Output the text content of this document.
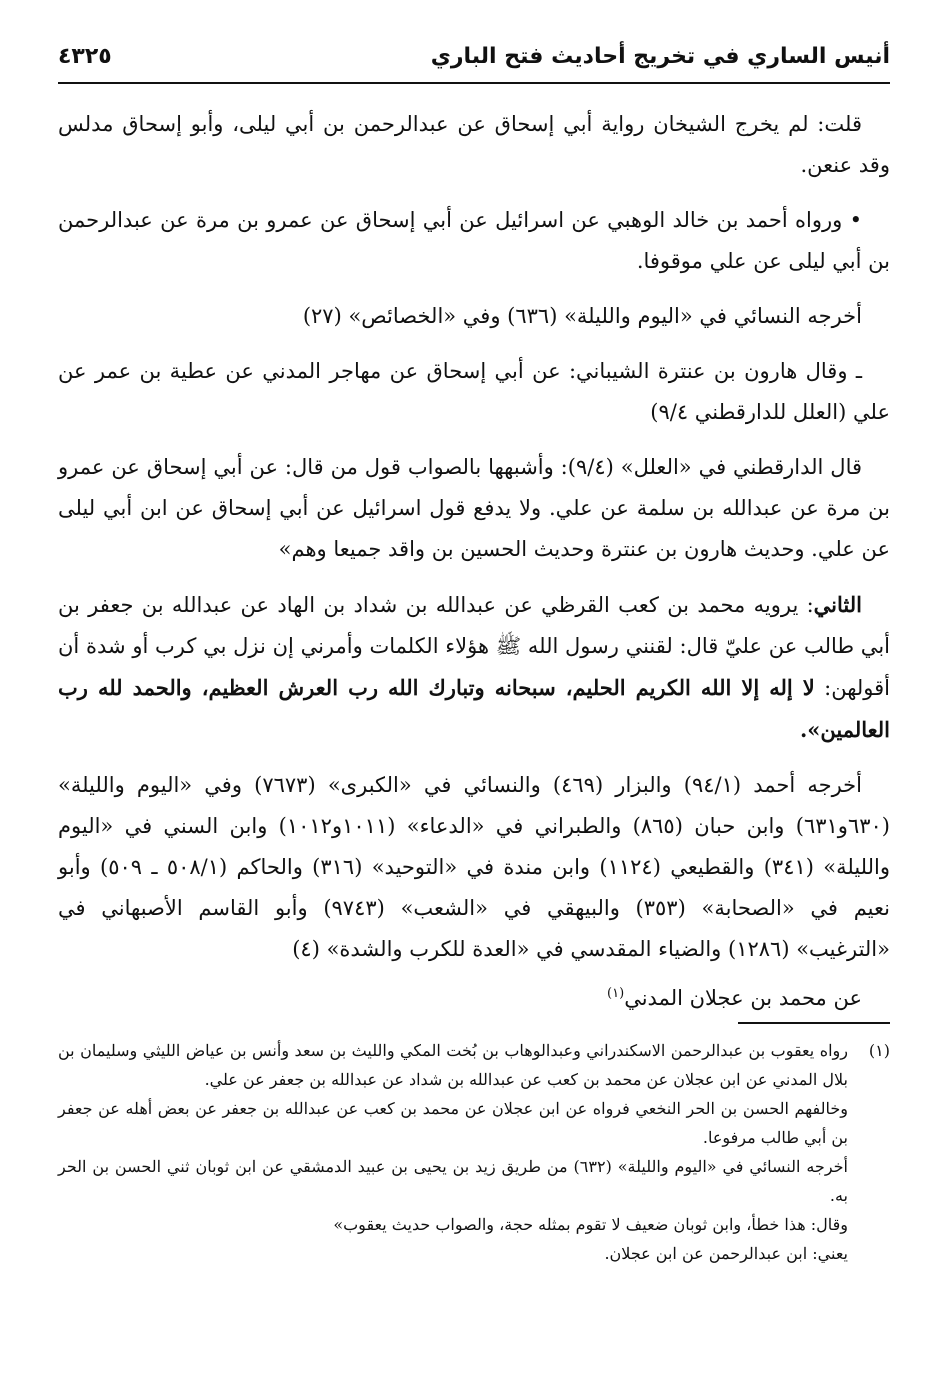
أنيس الساري في تخريج أحاديث فتح الباري
٤٣٢٥

قلت: لم يخرج الشيخان رواية أبي إسحاق عن عبدالرحمن بن أبي ليلى، وأبو إسحاق مدلس وقد عنعن.

• ورواه أحمد بن خالد الوهبي عن اسرائيل عن أبي إسحاق عن عمرو بن مرة عن عبدالرحمن بن أبي ليلى عن علي موقوفا.

أخرجه النسائي في «اليوم والليلة» (٦٣٦) وفي «الخصائص» (٢٧)

ـ وقال هارون بن عنترة الشيباني: عن أبي إسحاق عن مهاجر المدني عن عطية بن عمر عن علي (العلل للدارقطني ٩/٤)

قال الدارقطني في «العلل» (٩/٤): وأشبهها بالصواب قول من قال: عن أبي إسحاق عن عمرو بن مرة عن عبدالله بن سلمة عن علي. ولا يدفع قول اسرائيل عن أبي إسحاق عن ابن أبي ليلى عن علي. وحديث هارون بن عنترة وحديث الحسين بن واقد جميعا وهم»

الثاني: يرويه محمد بن كعب القرظي عن عبدالله بن شداد بن الهاد عن عبدالله بن جعفر بن أبي طالب عن عليّ قال: لقنني رسول الله ﷺ هؤلاء الكلمات وأمرني إن نزل بي كرب أو شدة أن أقولهن: لا إله إلا الله الكريم الحليم، سبحانه وتبارك الله رب العرش العظيم، والحمد لله رب العالمين».

أخرجه أحمد (٩٤/١) والبزار (٤٦٩) والنسائي في «الكبرى» (٧٦٧٣) وفي «اليوم والليلة» (٦٣٠و٦٣١) وابن حبان (٨٦٥) والطبراني في «الدعاء» (١٠١١و١٠١٢) وابن السني في «اليوم والليلة» (٣٤١) والقطيعي (١١٢٤) وابن مندة في «التوحيد» (٣١٦) والحاكم (٥٠٨/١ ـ ٥٠٩) وأبو نعيم في «الصحابة» (٣٥٣) والبيهقي في «الشعب» (٩٧٤٣) وأبو القاسم الأصبهاني في «الترغيب» (١٢٨٦) والضياء المقدسي في «العدة للكرب والشدة» (٤)

عن محمد بن عجلان المدني$^{(١)}$

(١)

رواه يعقوب بن عبدالرحمن الاسكندراني وعبدالوهاب بن بُخت المكي والليث بن سعد وأنس بن عياض الليثي وسليمان بن بلال المدني عن ابن عجلان عن محمد بن كعب عن عبدالله بن شداد عن عبدالله بن جعفر عن علي.

وخالفهم الحسن بن الحر النخعي فرواه عن ابن عجلان عن محمد بن كعب عن عبدالله بن جعفر عن بعض أهله عن جعفر بن أبي طالب مرفوعا.

أخرجه النسائي في «اليوم والليلة» (٦٣٢) من طريق زيد بن يحيى بن عبيد الدمشقي عن ابن ثوبان ثني الحسن بن الحر به.

وقال: هذا خطأ، وابن ثوبان ضعيف لا تقوم بمثله حجة، والصواب حديث يعقوب»

يعني: ابن عبدالرحمن عن ابن عجلان.
